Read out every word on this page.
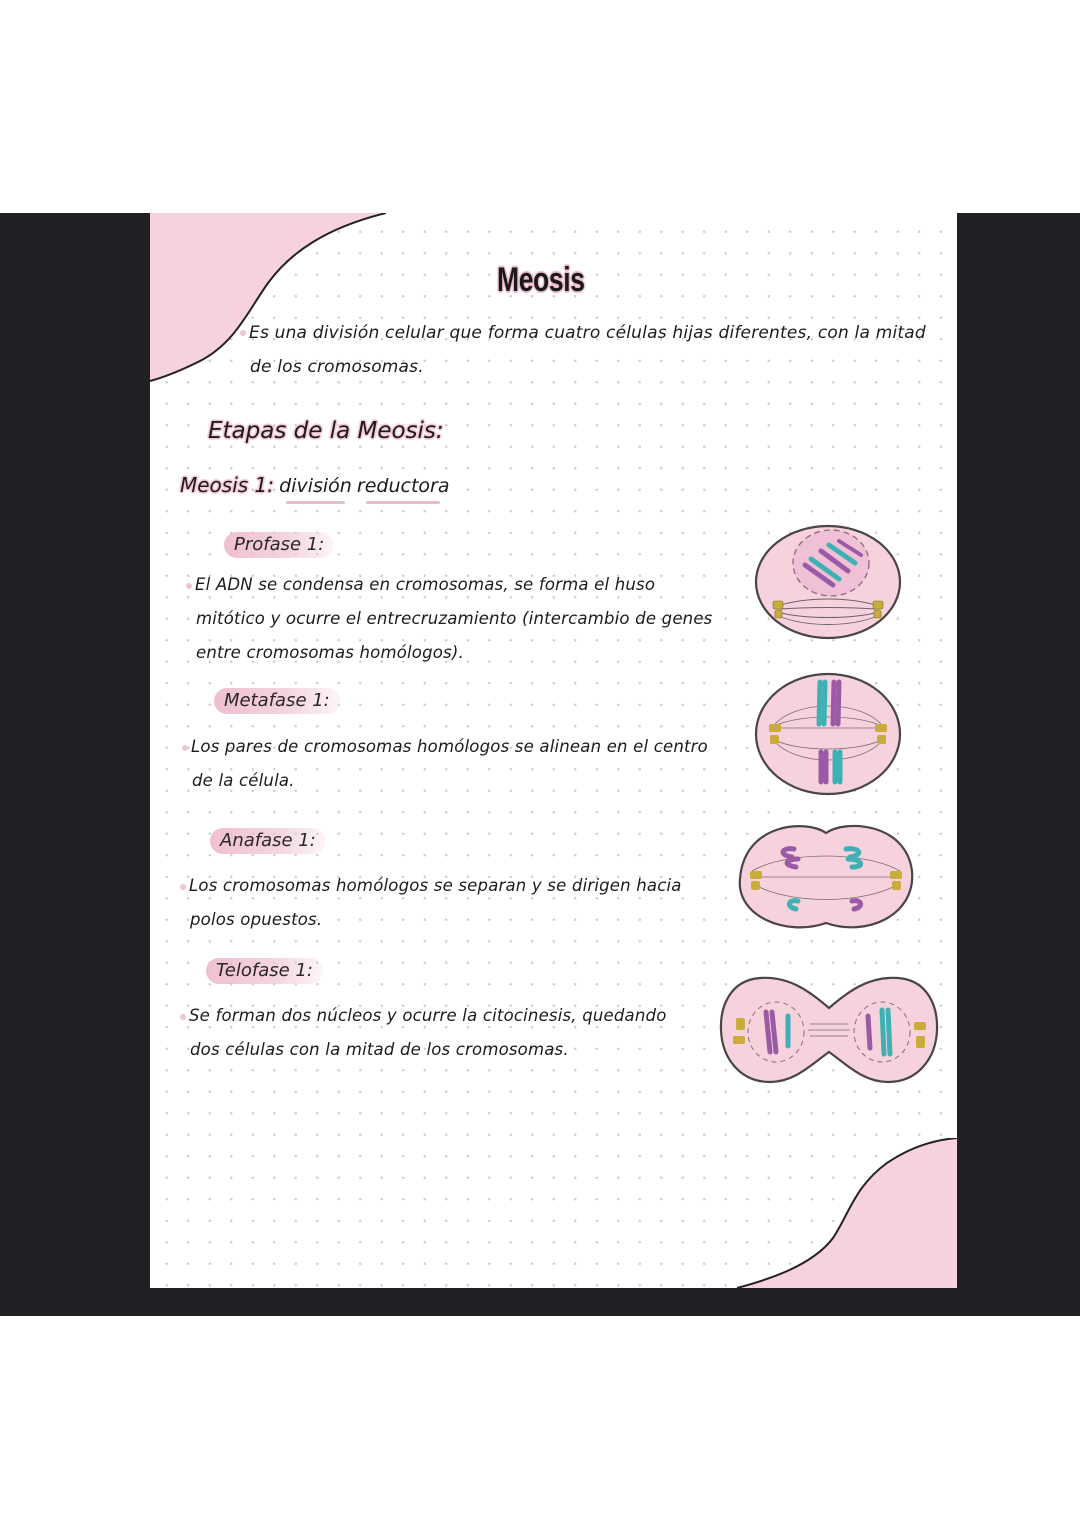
Meosis
Es una división celular que forma cuatro células hijas diferentes, con la mitad
de los cromosomas.
Etapas de la Meosis:
Meosis 1: división reductora
Profase 1:
El ADN se condensa en cromosomas, se forma el huso
mitótico y ocurre el entrecruzamiento (intercambio de genes
entre cromosomas homólogos).
Metafase 1:
Los pares de cromosomas homólogos se alinean en el centro
de la célula.
Anafase 1:
Los cromosomas homólogos se separan y se dirigen hacia
polos opuestos.
Telofase 1:
Se forman dos núcleos y ocurre la citocinesis, quedando
dos células con la mitad de los cromosomas.
